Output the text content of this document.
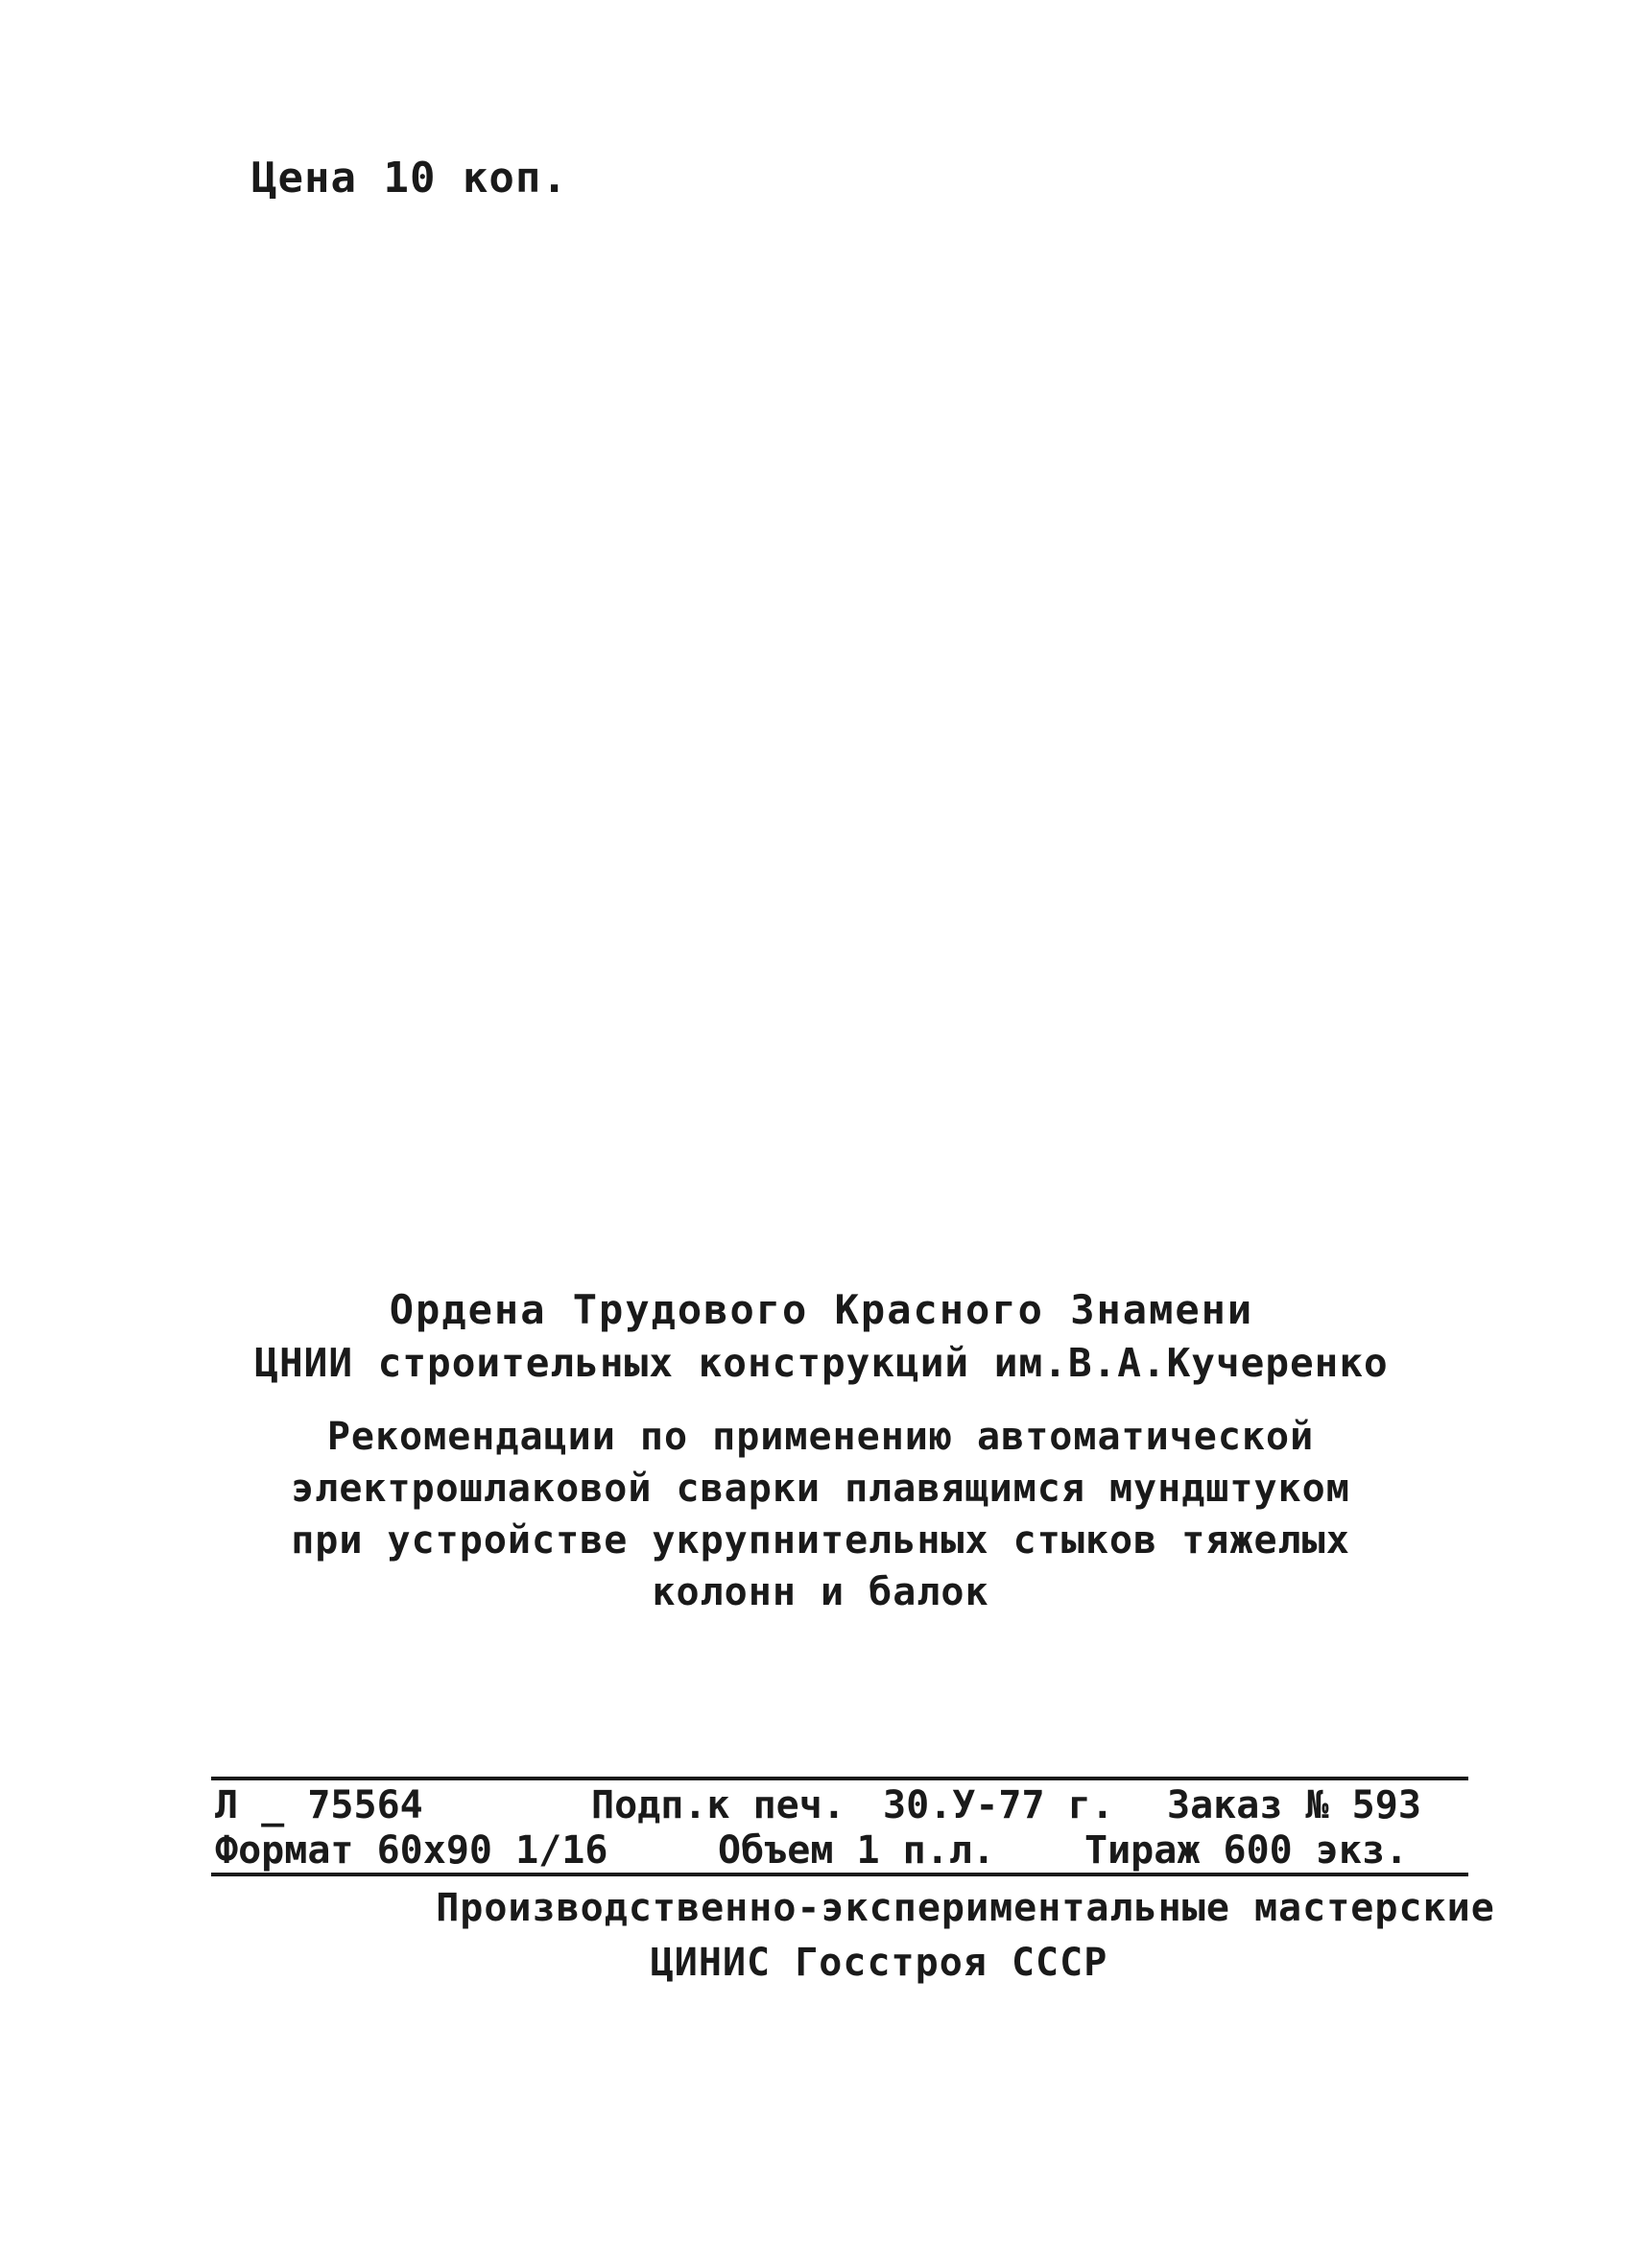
Цена 10 коп.
Ордена Трудового Красного Знамени
ЦНИИ строительных конструкций им.В.А.Кучеренко
Рекомендации по применению автоматической
электрошлаковой сварки плавящимся мундштуком
при устройстве укрупнительных стыков тяжелых
колонн и балок
Л _ 75564	Подп.к печ. 30.У-77 г. Заказ № 593
Формат 60х90 1/16	Объем 1 п.л. Тираж 600 экз.
Производственно-экспериментальные мастерские
ЦИНИС Госстроя СССР
